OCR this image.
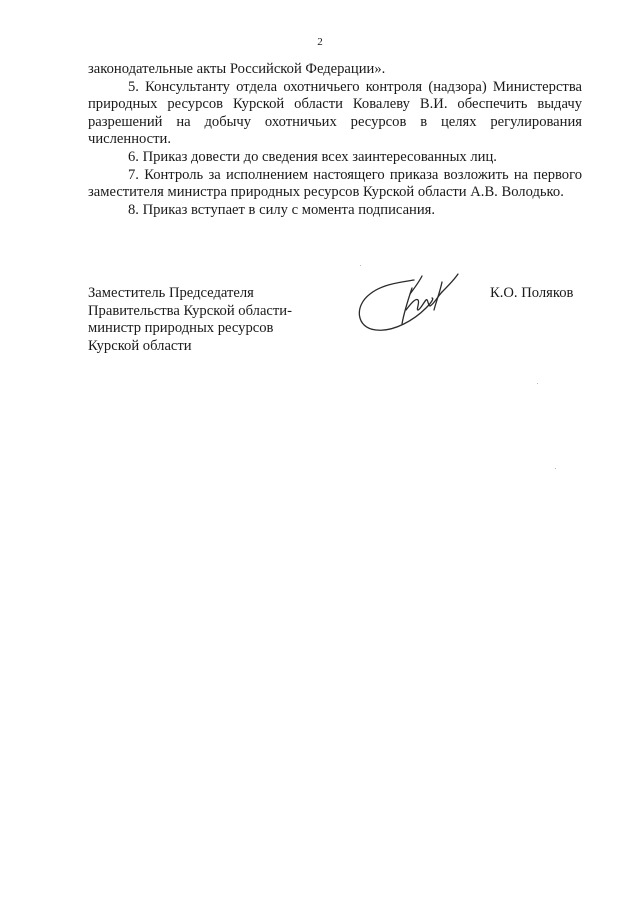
2

законодательные акты Российской Федерации».

5. Консультанту отдела охотничьего контроля (надзора) Министерства природных ресурсов Курской области Ковалеву В.И. обеспечить выдачу разрешений на добычу охотничьих ресурсов в целях регулирования численности.

6. Приказ довести до сведения всех заинтересованных лиц.

7. Контроль за исполнением настоящего приказа возложить на первого заместителя министра природных ресурсов Курской области А.В. Володько.

8. Приказ вступает в силу с момента подписания.

Заместитель Председателя
Правительства Курской области-
министр природных ресурсов
Курской области
К.О. Поляков
